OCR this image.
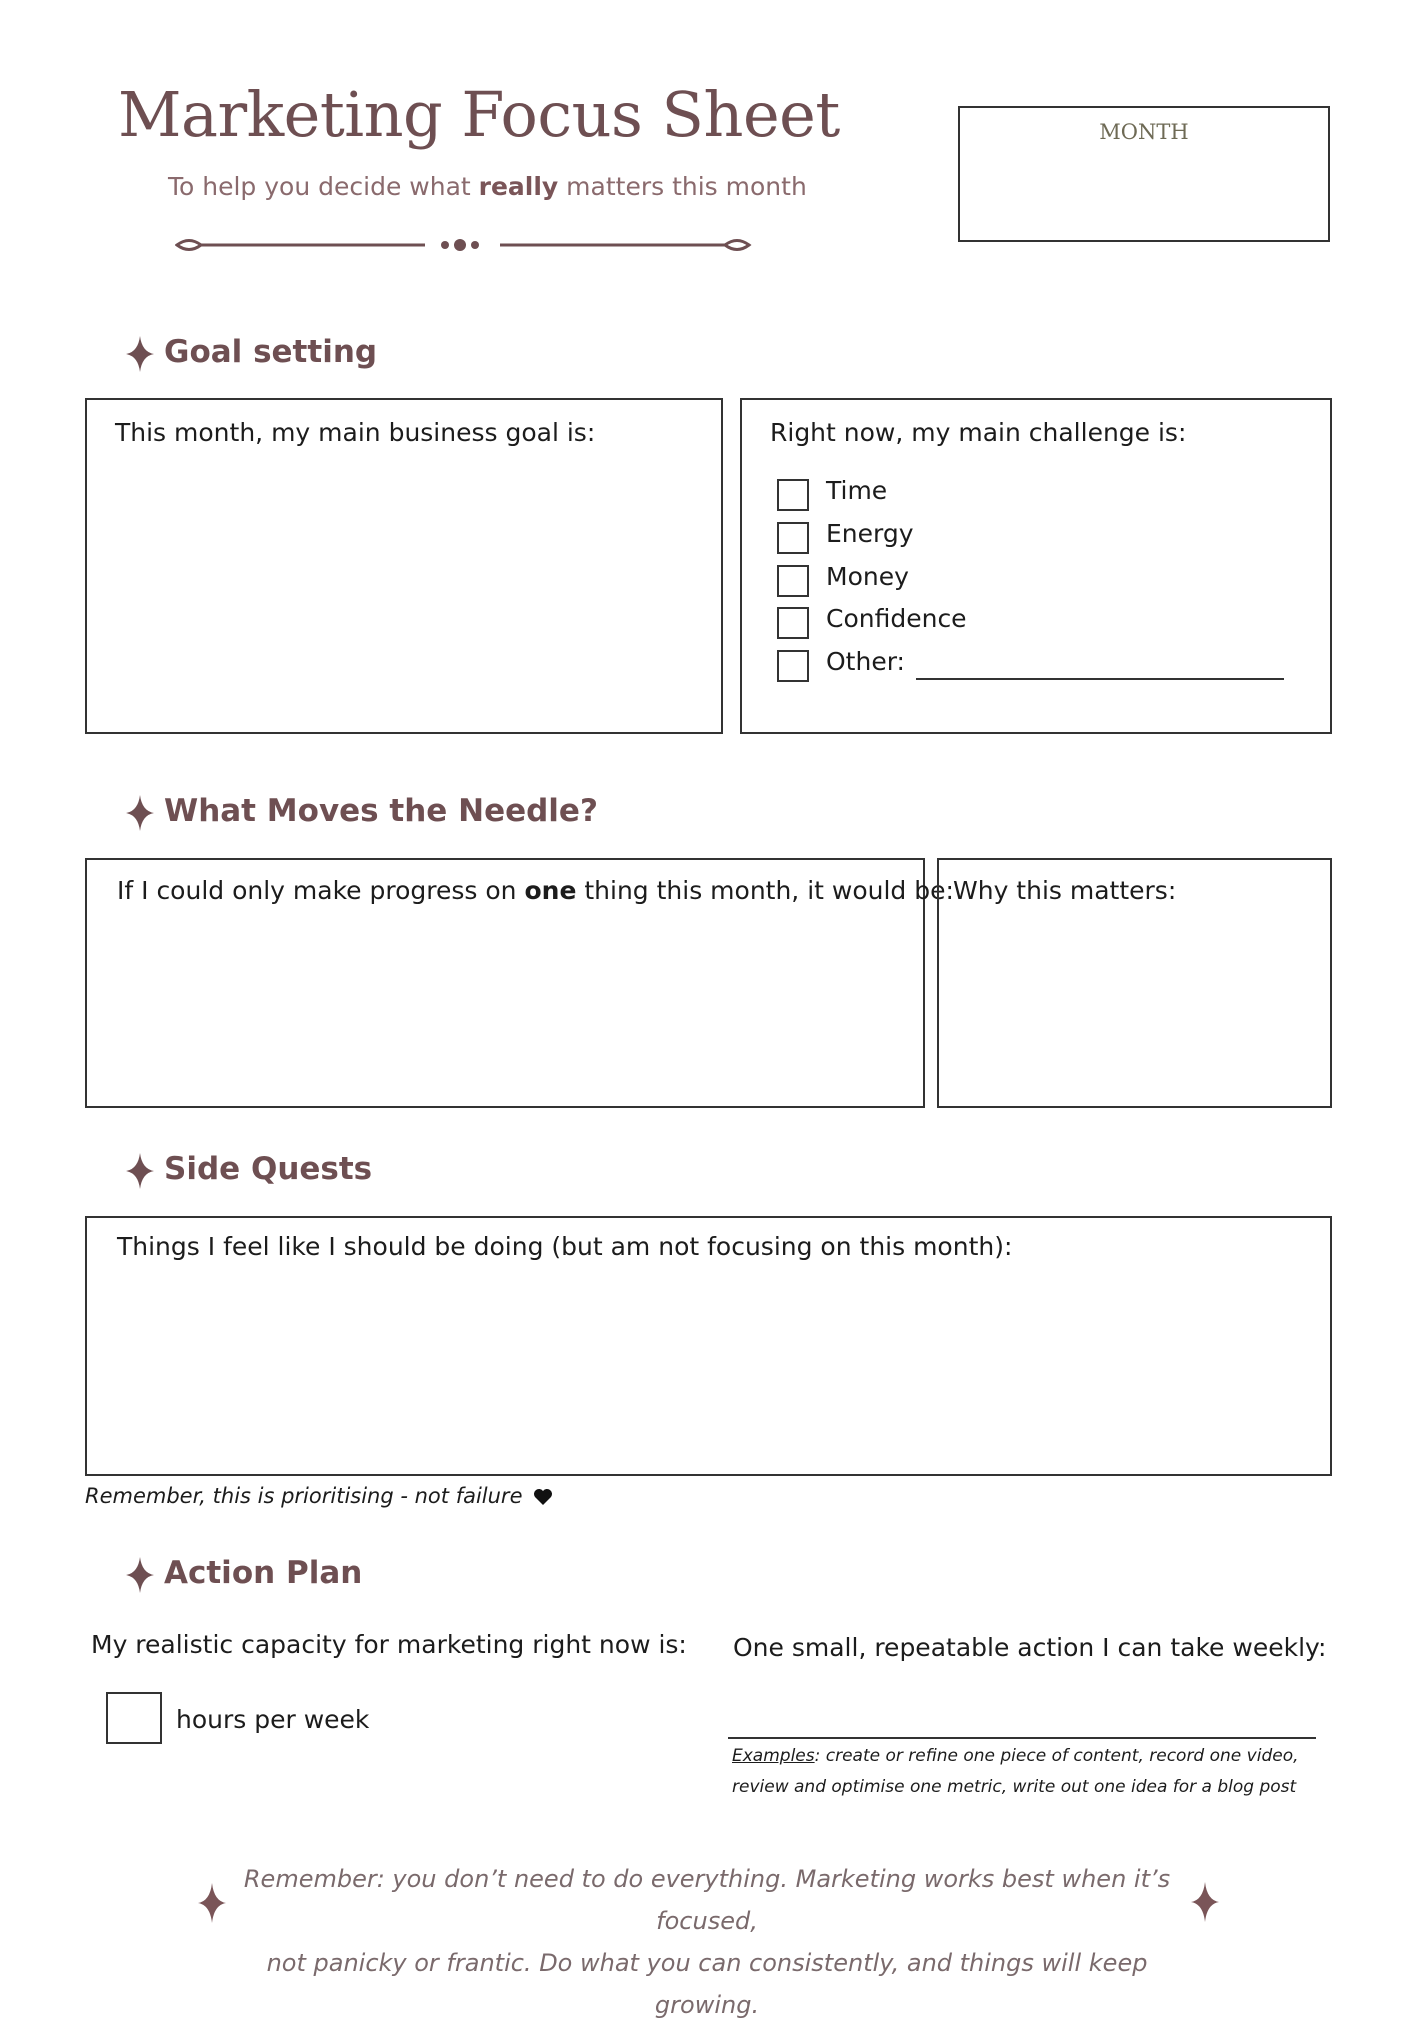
Marketing Focus Sheet
To help you decide what really matters this month
MONTH
Goal setting
This month, my main business goal is:	Right now, my main challenge is:
Time
Energy
Money
Confidence
Other:
What Moves the Needle?
If I could only make progress on one thing this month, it would be: Why this matters:
Side Quests
Things I feel like I should be doing (but am not focusing on this month):
Remember, this is prioritising - not failure
Action Plan
My realistic capacity for marketing right now is:
hours per week
One small, repeatable action I can take weekly:
Examples: create or refine one piece of content, record one video, review and optimise one metric, write out one idea for a blog post
Remember: you don’t need to do everything. Marketing works best when it’s focused,
not panicky or frantic. Do what you can consistently, and things will keep growing.
